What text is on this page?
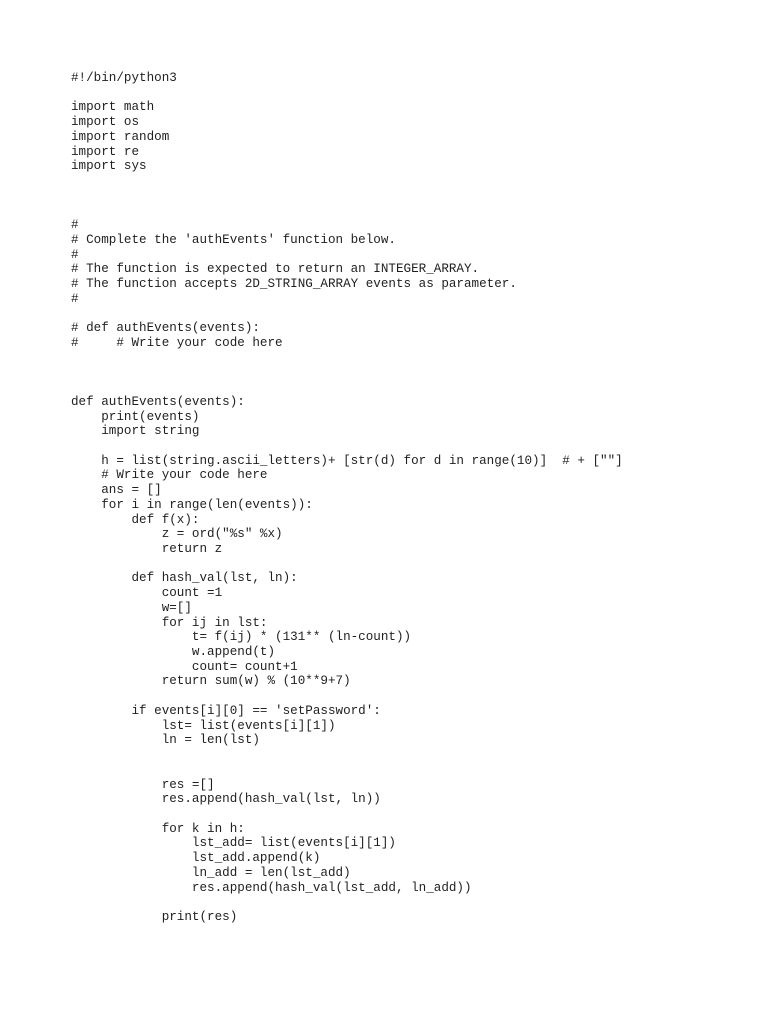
#!/bin/python3
import math
import os
import random
import re
import sys
#
# Complete the 'authEvents' function below.
#
# The function is expected to return an INTEGER_ARRAY.
# The function accepts 2D_STRING_ARRAY events as parameter.
#
# def authEvents(events):
#     # Write your code here
def authEvents(events):
print(events)
import string
h = list(string.ascii_letters)+ [str(d) for d in range(10)]  # + [""]
# Write your code here
ans = []
for i in range(len(events)):
def f(x):
z = ord("%s" %x)
return z
def hash_val(lst, ln):
count =1
w=[]
for ij in lst:
t= f(ij) * (131** (ln-count))
w.append(t)
count= count+1
return sum(w) % (10**9+7)
if events[i][0] == 'setPassword':
lst= list(events[i][1])
ln = len(lst)
res =[]
res.append(hash_val(lst, ln))
for k in h:
lst_add= list(events[i][1])
lst_add.append(k)
ln_add = len(lst_add)
res.append(hash_val(lst_add, ln_add))
print(res)
